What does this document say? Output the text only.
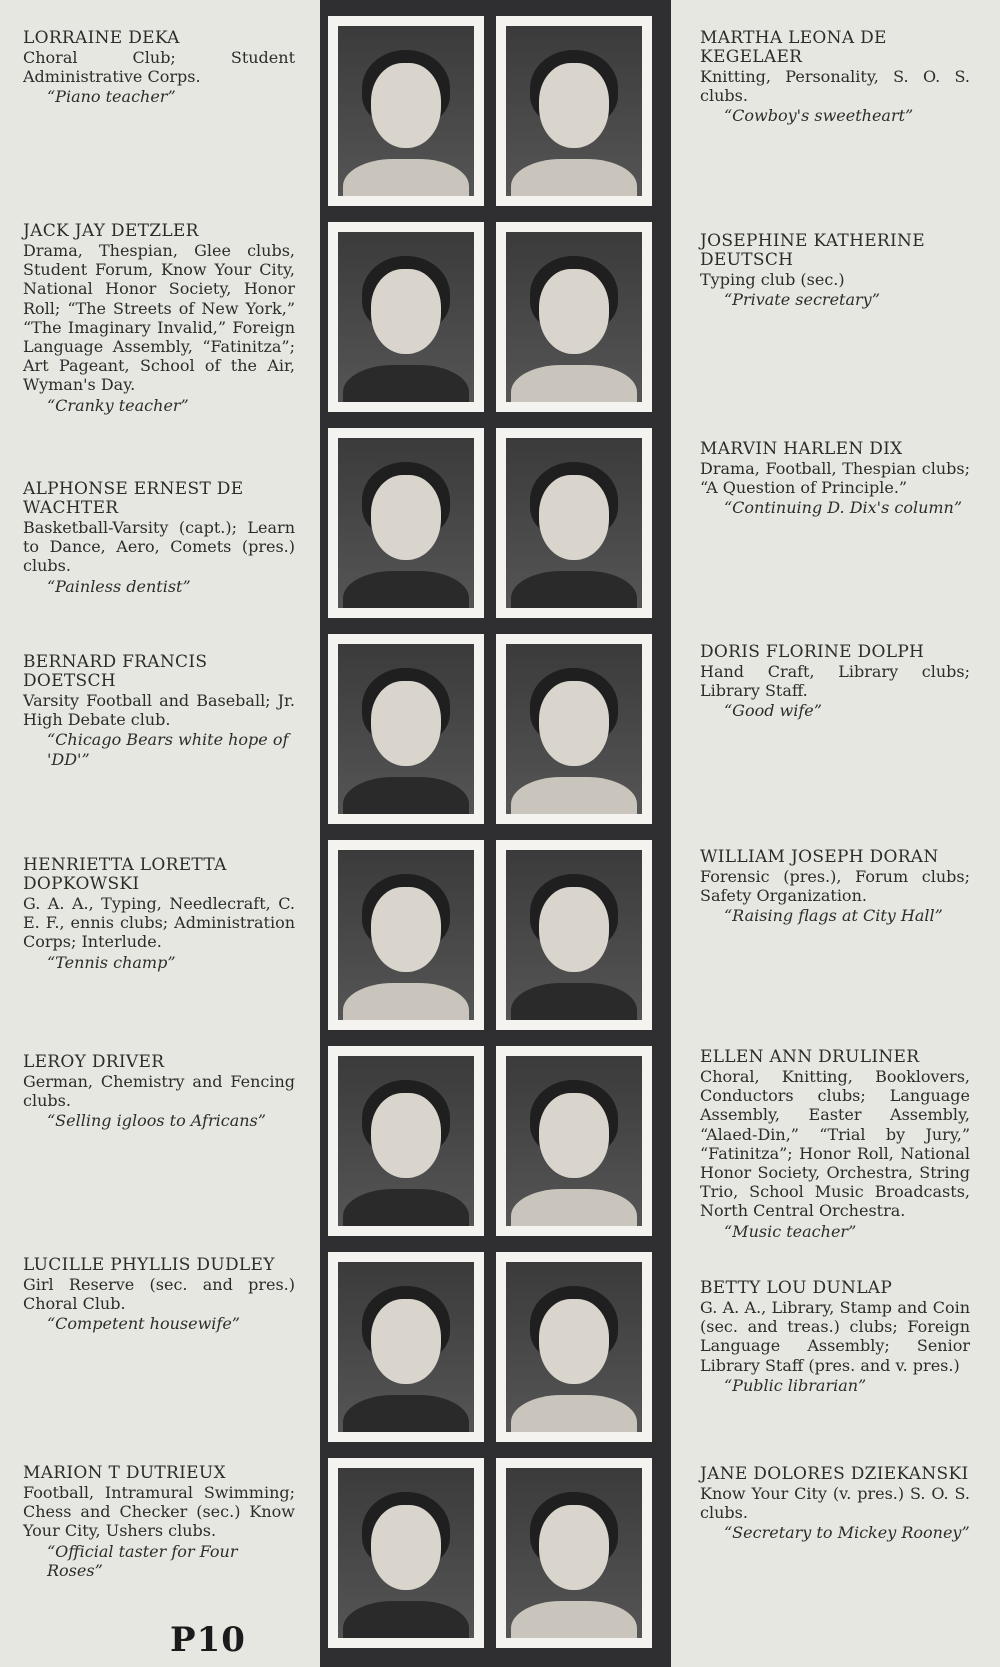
LORRAINE DEKA
Choral Club; Student Administrative Corps.
“Piano teacher”
JACK JAY DETZLER
Drama, Thespian, Glee clubs, Student Forum, Know Your City, National Honor Society, Honor Roll; “The Streets of New York,” “The Imaginary Invalid,” Foreign Language Assembly, “Fatinitza”; Art Pageant, School of the Air, Wyman's Day.
“Cranky teacher”
ALPHONSE ERNEST DE WACHTER
Basketball-Varsity (capt.); Learn to Dance, Aero, Comets (pres.) clubs.
“Painless dentist”
BERNARD FRANCIS DOETSCH
Varsity Football and Baseball; Jr. High Debate club.
“Chicago Bears white hope of 'DD'”
HENRIETTA LORETTA DOPKOWSKI
G. A. A., Typing, Needlecraft, C. E. F., ennis clubs; Administration Corps; Interlude.
“Tennis champ”
LEROY DRIVER
German, Chemistry and Fencing clubs.
“Selling igloos to Africans”
LUCILLE PHYLLIS DUDLEY
Girl Reserve (sec. and pres.) Choral Club.
“Competent housewife”
MARION T DUTRIEUX
Football, Intramural Swimming; Chess and Checker (sec.) Know Your City, Ushers clubs.
“Official taster for Four Roses”
MARTHA LEONA DE KEGELAER
Knitting, Personality, S. O. S. clubs.
“Cowboy's sweetheart”
JOSEPHINE KATHERINE DEUTSCH
Typing club (sec.)
“Private secretary”
MARVIN HARLEN DIX
Drama, Football, Thespian clubs; “A Question of Principle.”
“Continuing D. Dix's column”
DORIS FLORINE DOLPH
Hand Craft, Library clubs; Library Staff.
“Good wife”
WILLIAM JOSEPH DORAN
Forensic (pres.), Forum clubs; Safety Organization.
“Raising flags at City Hall”
ELLEN ANN DRULINER
Choral, Knitting, Booklovers, Conductors clubs; Language Assembly, Easter Assembly, “Alaed-Din,” “Trial by Jury,” “Fatinitza”; Honor Roll, National Honor Society, Orchestra, String Trio, School Music Broadcasts, North Central Orchestra.
“Music teacher”
BETTY LOU DUNLAP
G. A. A., Library, Stamp and Coin (sec. and treas.) clubs; Foreign Language Assembly; Senior Library Staff (pres. and v. pres.)
“Public librarian”
JANE DOLORES DZIEKANSKI
Know Your City (v. pres.) S. O. S. clubs.
“Secretary to Mickey Rooney”
P10
